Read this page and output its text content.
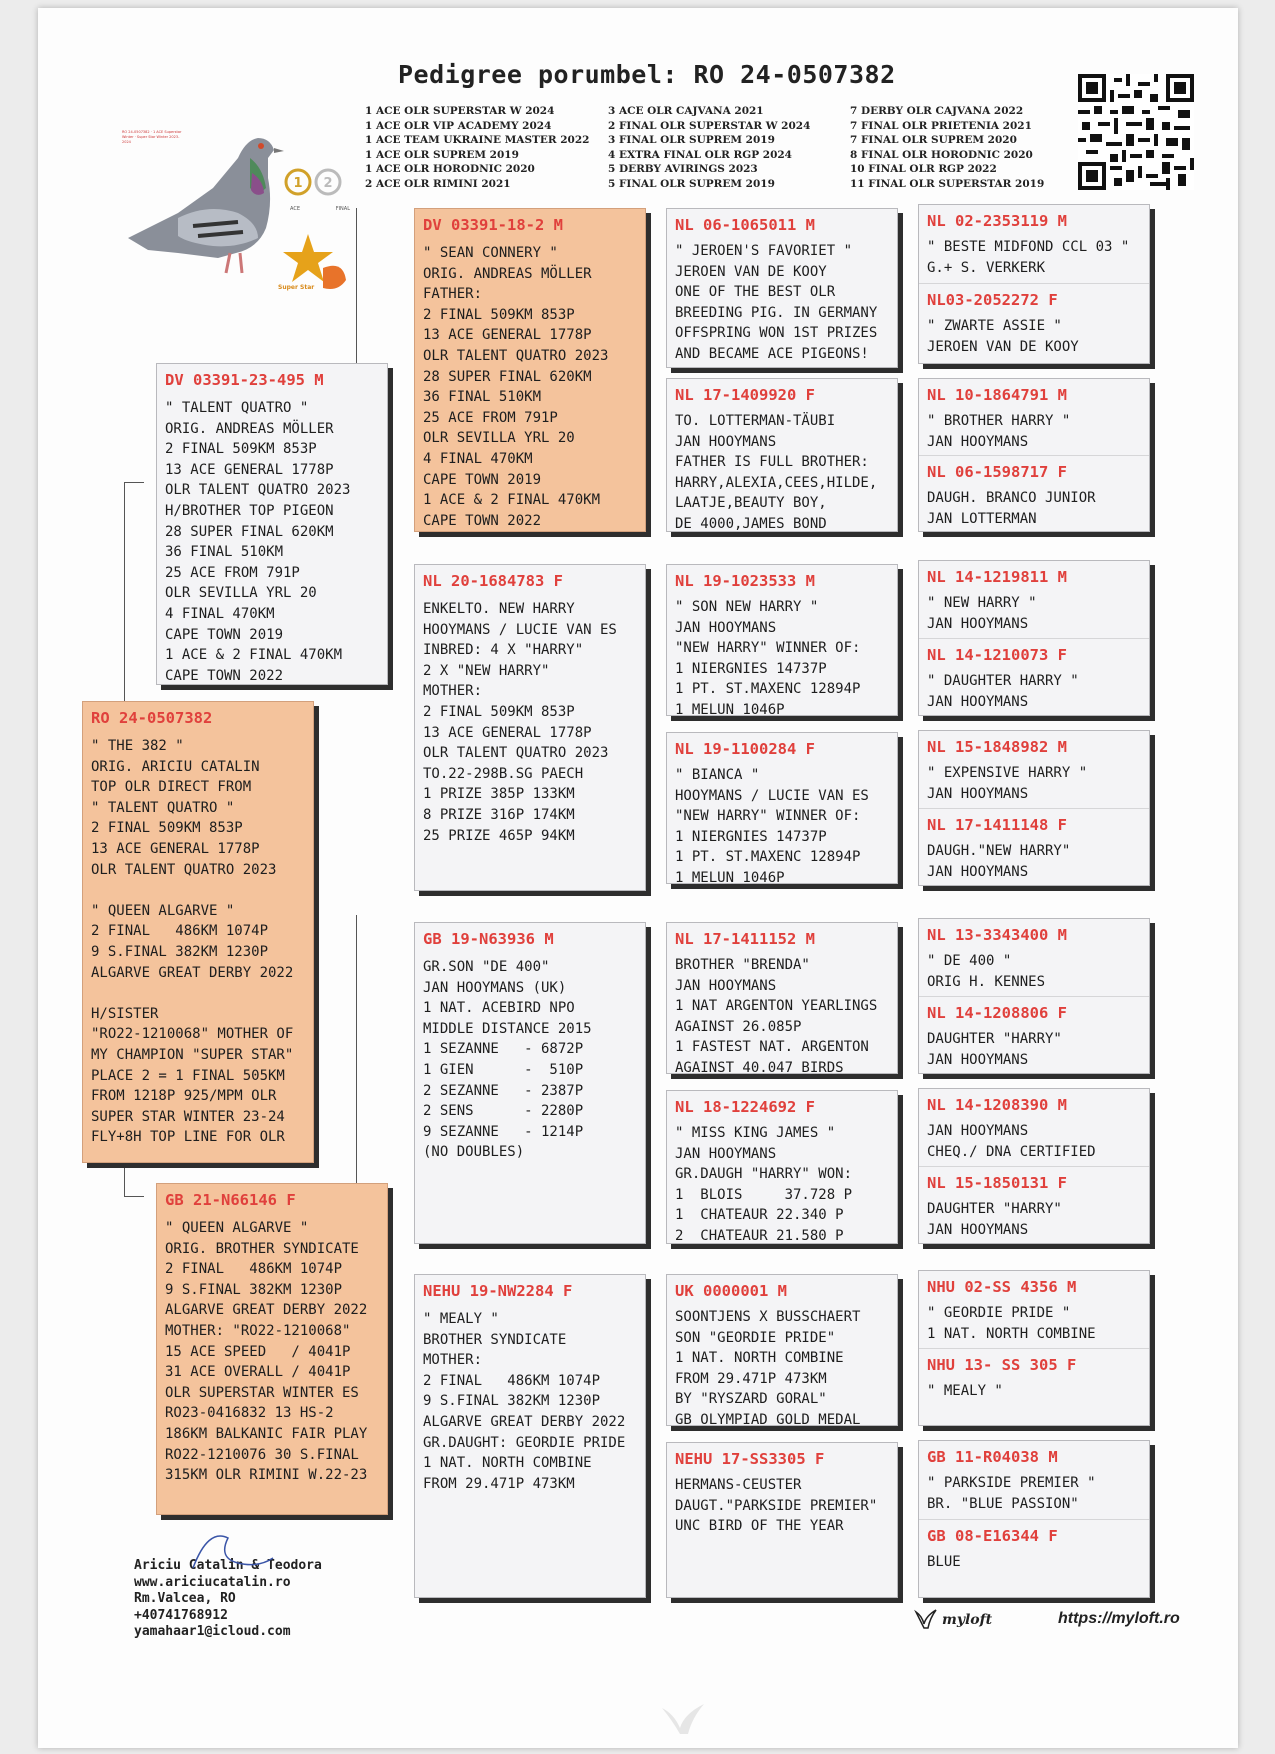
Pedigree porumbel: RO 24-0507382
1 ACE OLR SUPERSTAR W 2024
1 ACE OLR VIP ACADEMY 2024
1 ACE TEAM UKRAINE MASTER 2022
1 ACE OLR SUPREM 2019
1 ACE OLR HORODNIC 2020
2 ACE OLR RIMINI 2021
3 ACE OLR CAJVANA 2021
2 FINAL OLR SUPERSTAR W 2024
3 FINAL OLR SUPREM 2019
4 EXTRA FINAL OLR RGP 2024
5 DERBY AVIRINGS 2023
5 FINAL OLR SUPREM 2019
7 DERBY OLR CAJVANA 2022
7 FINAL OLR PRIETENIA 2021
7 FINAL OLR SUPREM 2020
8 FINAL OLR HORODNIC 2020
10 FINAL OLR RGP 2022
11 FINAL OLR SUPERSTAR 2019
RO 24-0507382 · 1 ACE Superstar Winter · Super Star Winter 2023-2024
1 2
ACE	FINAL
Super Star
RO 24-0507382
" THE 382 "
ORIG. ARICIU CATALIN
TOP OLR DIRECT FROM
" TALENT QUATRO "
2 FINAL 509KM 853P
13 ACE GENERAL 1778P
OLR TALENT QUATRO 2023

" QUEEN ALGARVE "
2 FINAL   486KM 1074P
9 S.FINAL 382KM 1230P
ALGARVE GREAT DERBY 2022

H/SISTER
"RO22-1210068" MOTHER OF
MY CHAMPION "SUPER STAR"
PLACE 2 = 1 FINAL 505KM
FROM 1218P 925/MPM OLR
SUPER STAR WINTER 23-24
FLY+8H TOP LINE FOR OLR
DV 03391-23-495 M
" TALENT QUATRO "
ORIG. ANDREAS MÖLLER
2 FINAL 509KM 853P
13 ACE GENERAL 1778P
OLR TALENT QUATRO 2023
H/BROTHER TOP PIGEON
28 SUPER FINAL 620KM
36 FINAL 510KM
25 ACE FROM 791P
OLR SEVILLA YRL 20
4 FINAL 470KM
CAPE TOWN 2019
1 ACE & 2 FINAL 470KM
CAPE TOWN 2022
GB 21-N66146 F
" QUEEN ALGARVE "
ORIG. BROTHER SYNDICATE
2 FINAL   486KM 1074P
9 S.FINAL 382KM 1230P
ALGARVE GREAT DERBY 2022
MOTHER: "RO22-1210068"
15 ACE SPEED   / 4041P
31 ACE OVERALL / 4041P
OLR SUPERSTAR WINTER ES
RO23-0416832 13 HS-2
186KM BALKANIC FAIR PLAY
RO22-1210076 30 S.FINAL
315KM OLR RIMINI W.22-23
DV 03391-18-2 M
" SEAN CONNERY "
ORIG. ANDREAS MÖLLER
FATHER:
2 FINAL 509KM 853P
13 ACE GENERAL 1778P
OLR TALENT QUATRO 2023
28 SUPER FINAL 620KM
36 FINAL 510KM
25 ACE FROM 791P
OLR SEVILLA YRL 20
4 FINAL 470KM
CAPE TOWN 2019
1 ACE & 2 FINAL 470KM
CAPE TOWN 2022
NL 20-1684783 F
ENKELTO. NEW HARRY
HOOYMANS / LUCIE VAN ES
INBRED: 4 X "HARRY"
2 X "NEW HARRY"
MOTHER:
2 FINAL 509KM 853P
13 ACE GENERAL 1778P
OLR TALENT QUATRO 2023
TO.22-298B.SG PAECH
1 PRIZE 385P 133KM
8 PRIZE 316P 174KM
25 PRIZE 465P 94KM
GB 19-N63936 M
GR.SON "DE 400"
JAN HOOYMANS (UK)
1 NAT. ACEBIRD NPO
MIDDLE DISTANCE 2015
1 SEZANNE   - 6872P
1 GIEN      -  510P
2 SEZANNE   - 2387P
2 SENS      - 2280P
9 SEZANNE   - 1214P
(NO DOUBLES)
NEHU 19-NW2284 F
" MEALY "
BROTHER SYNDICATE
MOTHER:
2 FINAL   486KM 1074P
9 S.FINAL 382KM 1230P
ALGARVE GREAT DERBY 2022
GR.DAUGHT: GEORDIE PRIDE
1 NAT. NORTH COMBINE
FROM 29.471P 473KM
NL 06-1065011 M
" JEROEN'S FAVORIET "
JEROEN VAN DE KOOY
ONE OF THE BEST OLR
BREEDING PIG. IN GERMANY
OFFSPRING WON 1ST PRIZES
AND BECAME ACE PIGEONS!
NL 17-1409920 F
TO. LOTTERMAN-TÄUBI
JAN HOOYMANS
FATHER IS FULL BROTHER:
HARRY,ALEXIA,CEES,HILDE,
LAATJE,BEAUTY BOY,
DE 4000,JAMES BOND
NL 19-1023533 M
" SON NEW HARRY "
JAN HOOYMANS
"NEW HARRY" WINNER OF:
1 NIERGNIES 14737P
1 PT. ST.MAXENC 12894P
1 MELUN 1046P
NL 19-1100284 F
" BIANCA "
HOOYMANS / LUCIE VAN ES
"NEW HARRY" WINNER OF:
1 NIERGNIES 14737P
1 PT. ST.MAXENC 12894P
1 MELUN 1046P
NL 17-1411152 M
BROTHER "BRENDA"
JAN HOOYMANS
1 NAT ARGENTON YEARLINGS
AGAINST 26.085P
1 FASTEST NAT. ARGENTON
AGAINST 40.047 BIRDS
NL 18-1224692 F
" MISS KING JAMES "
JAN HOOYMANS
GR.DAUGH "HARRY" WON:
1  BLOIS     37.728 P
1  CHATEAUR 22.340 P
2  CHATEAUR 21.580 P
UK 0000001 M
SOONTJENS X BUSSCHAERT
SON "GEORDIE PRIDE"
1 NAT. NORTH COMBINE
FROM 29.471P 473KM
BY "RYSZARD GORAL"
GB OLYMPIAD GOLD MEDAL
NEHU 17-SS3305 F
HERMANS-CEUSTER
DAUGT."PARKSIDE PREMIER"
UNC BIRD OF THE YEAR
NL 02-2353119 M
" BESTE MIDFOND CCL 03 "
G.+ S. VERKERK
NL03-2052272 F
" ZWARTE ASSIE "
JEROEN VAN DE KOOY
NL 10-1864791 M
" BROTHER HARRY "
JAN HOOYMANS
NL 06-1598717 F
DAUGH. BRANCO JUNIOR
JAN LOTTERMAN
NL 14-1219811 M
" NEW HARRY "
JAN HOOYMANS
NL 14-1210073 F
" DAUGHTER HARRY "
JAN HOOYMANS
NL 15-1848982 M
" EXPENSIVE HARRY "
JAN HOOYMANS
NL 17-1411148 F
DAUGH."NEW HARRY"
JAN HOOYMANS
NL 13-3343400 M
" DE 400 "
ORIG H. KENNES
NL 14-1208806 F
DAUGHTER "HARRY"
JAN HOOYMANS
NL 14-1208390 M
JAN HOOYMANS
CHEQ./ DNA CERTIFIED
NL 15-1850131 F
DAUGHTER "HARRY"
JAN HOOYMANS
NHU 02-SS 4356 M
" GEORDIE PRIDE "
1 NAT. NORTH COMBINE
NHU 13- SS 305 F
" MEALY "
GB 11-R04038 M
" PARKSIDE PREMIER "
BR. "BLUE PASSION"
GB 08-E16344 F
BLUE
Ariciu Catalin & Teodora
www.ariciucatalin.ro
Rm.Valcea, RO
+40741768912
yamahaar1@icloud.com
myloft	https://myloft.ro
